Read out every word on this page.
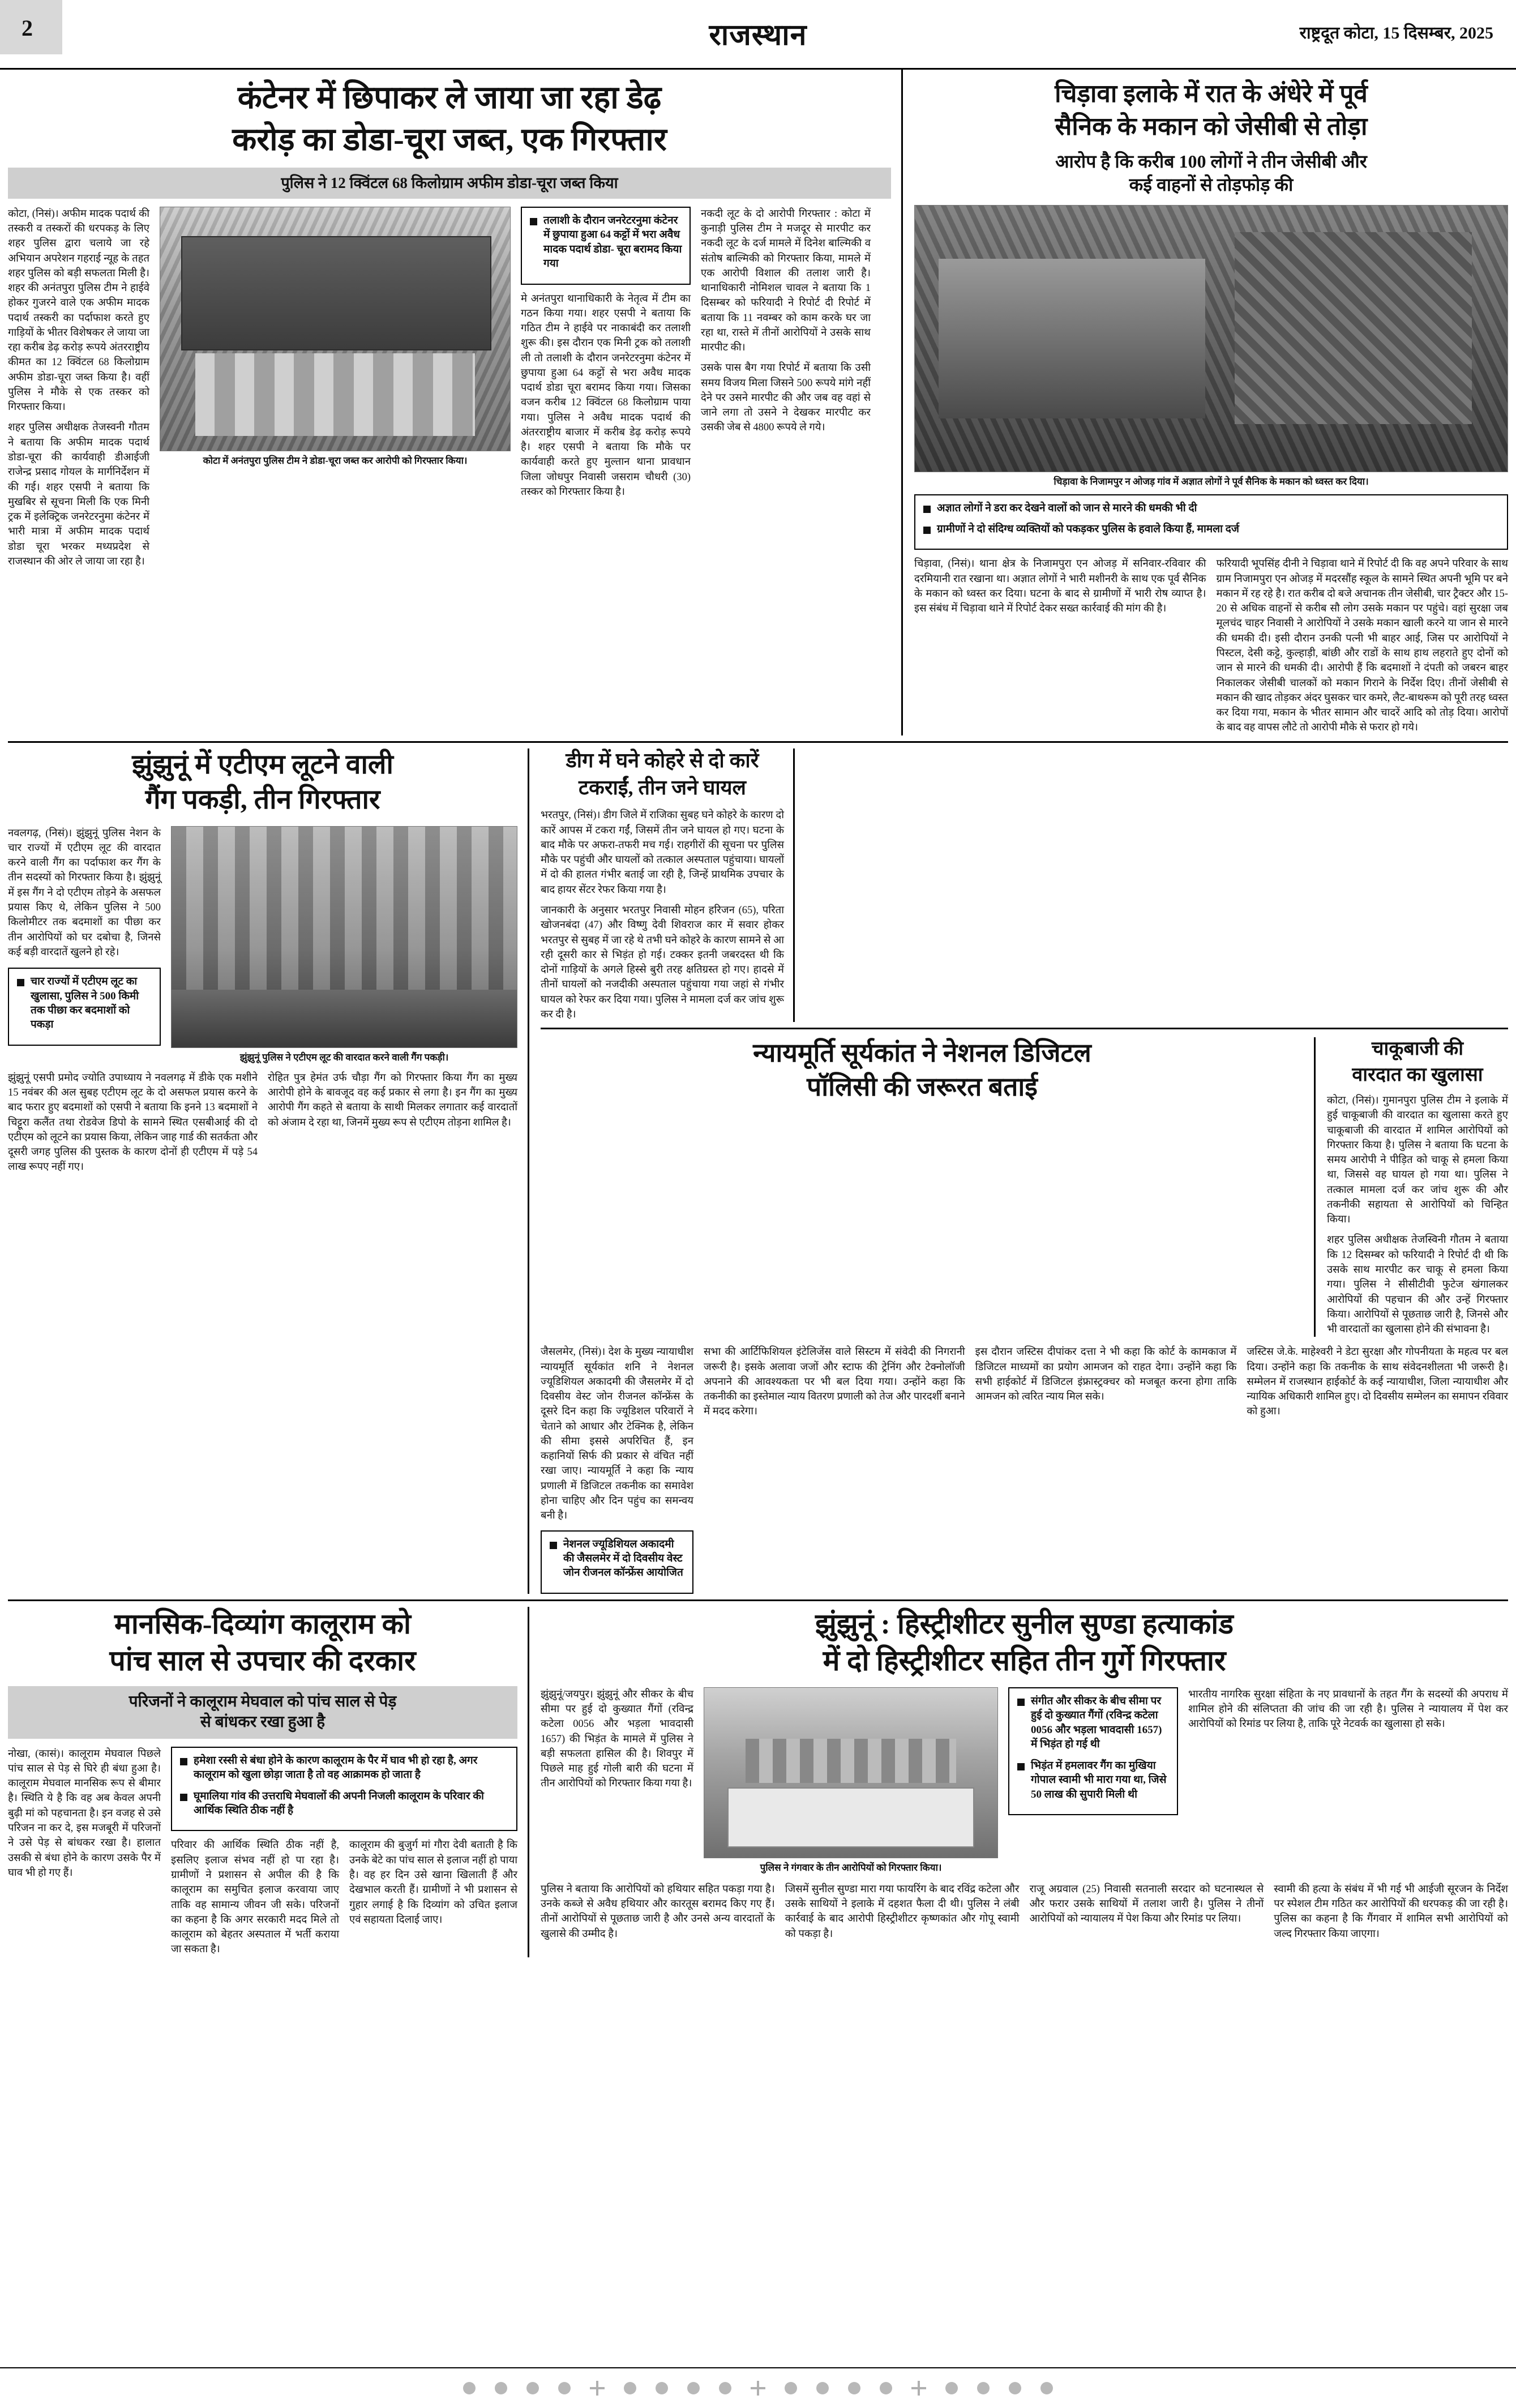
2	राजस्थान	राष्ट्रदूत कोटा, 15 दिसम्बर, 2025
कंटेनर में छिपाकर ले जाया जा रहा डेढ़
करोड़ का डोडा-चूरा जब्त, एक गिरफ्तार
पुलिस ने 12 क्विंटल 68 किलोग्राम अफीम डोडा-चूरा जब्त किया
कोटा, (निसं)। अफीम मादक पदार्थ की तस्करी व तस्करों की धरपकड़ के लिए शहर पुलिस द्वारा चलाये जा रहे अभियान अपरेशन गहराई न्यूह के तहत शहर पुलिस को बड़ी सफलता मिली है। शहर की अनंतपुरा पुलिस टीम ने हाईवे होकर गुजरने वाले एक अफीम मादक पदार्थ तस्करी का पर्दाफाश करते हुए गाड़ियों के भीतर विशेषकर ले जाया जा रहा करीब डेढ़ करोड़ रूपये अंतरराष्ट्रीय कीमत का 12 क्विंटल 68 किलोग्राम अफीम डोडा-चूरा जब्त किया है। वहीं पुलिस ने मौके से एक तस्कर को गिरफ्तार किया।
शहर पुलिस अधीक्षक तेजस्वनी गौतम ने बताया कि अफीम मादक पदार्थ डोडा-चूरा की कार्यवाही डीआईजी राजेन्द्र प्रसाद गोयल के मार्गनिर्देशन में की गई। शहर एसपी ने बताया कि मुखबिर से सूचना मिली कि एक मिनी ट्रक में इलेक्ट्रिक जनरेटरनुमा कंटेनर में भारी मात्रा में अफीम मादक पदार्थ डोडा चूरा भरकर मध्यप्रदेश से राजस्थान की ओर ले जाया जा रहा है।
कोटा में अनंतपुरा पुलिस टीम ने डोडा-चूरा जब्त कर आरोपी को गिरफ्तार किया।
तलाशी के दौरान जनरेटरनुमा कंटेनर में छुपाया हुआ 64 कट्टों में भरा अवैध मादक पदार्थ डोडा- चूरा बरामद किया गया
मे अनंतपुरा थानाधिकारी के नेतृत्व में टीम का गठन किया गया। शहर एसपी ने बताया कि गठित टीम ने हाईवे पर नाकाबंदी कर तलाशी शुरू की। इस दौरान एक मिनी ट्रक को तलाशी ली तो तलाशी के दौरान जनरेटरनुमा कंटेनर में छुपाया हुआ 64 कट्टों से भरा अवैध मादक पदार्थ डोडा चूरा बरामद किया गया। जिसका वजन करीब 12 क्विंटल 68 किलोग्राम पाया गया। पुलिस ने अवैध मादक पदार्थ की अंतरराष्ट्रीय बाजार में करीब डेढ़ करोड़ रूपये है। शहर एसपी ने बताया कि मौके पर कार्यवाही करते हुए मुल्तान थाना प्रावधान जिला जोधपुर निवासी जसराम चौधरी (30) तस्कर को गिरफ्तार किया है।
नकदी लूट के दो आरोपी गिरफ्तार : कोटा में कुनाड़ी पुलिस टीम ने मजदूर से मारपीट कर नकदी लूट के दर्ज मामले में दिनेश बाल्मिकी व संतोष बाल्मिकी को गिरफ्तार किया, मामले में एक आरोपी विशाल की तलाश जारी है। थानाधिकारी नोमिशल चावल ने बताया कि 1 दिसम्बर को फरियादी ने रिपोर्ट दी रिपोर्ट में बताया कि 11 नवम्बर को काम करके घर जा रहा था, रास्ते में तीनों आरोपियों ने उसके साथ मारपीट की।
उसके पास बैग गया रिपोर्ट में बताया कि उसी समय विजय मिला जिसने 500 रूपये मांगे नहीं देने पर उसने मारपीट की और जब वह वहां से जाने लगा तो उसने ने देखकर मारपीट कर उसकी जेब से 4800 रूपये ले गये।
चिड़ावा इलाके में रात के अंधेरे में पूर्व
सैनिक के मकान को जेसीबी से तोड़ा
आरोप है कि करीब 100 लोगों ने तीन जेसीबी और
कई वाहनों से तोड़फोड़ की
चिड़ावा के निजामपुर न ओजड़ गांव में अज्ञात लोगों ने पूर्व सैनिक के मकान को ध्वस्त कर दिया।
अज्ञात लोगों ने डरा कर देखने वालों को जान से मारने की धमकी भी दी
ग्रामीणों ने दो संदिग्ध व्यक्तियों को पकड़कर पुलिस के हवाले किया हैं, मामला दर्ज
चिड़ावा, (निसं)। थाना क्षेत्र के निजामपुरा एन ओजड़ में सनिवार-रविवार की दरमियानी रात रखाना था। अज्ञात लोगों ने भारी मशीनरी के साथ एक पूर्व सैनिक के मकान को ध्वस्त कर दिया। घटना के बाद से ग्रामीणों में भारी रोष व्याप्त है। इस संबंध में चिड़ावा थाने में रिपोर्ट देकर सख्त कार्रवाई की मांग की है।
फरियादी भूपसिंह दीनी ने चिड़ावा थाने में रिपोर्ट दी कि वह अपने परिवार के साथ ग्राम निजामपुरा एन ओजड़ में मदरसौंह स्कूल के सामने स्थित अपनी भूमि पर बने मकान में रह रहे है। रात करीब दो बजे अचानक तीन जेसीबी, चार ट्रैक्टर और 15-20 से अधिक वाहनों से करीब सौ लोग उसके मकान पर पहुंचे। वहां सुरक्षा जब मूलचंद चाहर निवासी ने आरोपियों ने उसके मकान खाली करने या जान से मारने की धमकी दी। इसी दौरान उनकी पत्नी भी बाहर आई, जिस पर आरोपियों ने पिस्टल, देसी कट्टे, कुल्हाड़ी, बांछी और राडों के साथ हाथ लहराते हुए दोनों को जान से मारने की धमकी दी। आरोपी हैं कि बदमाशों ने दंपती को जबरन बाहर निकालकर जेसीबी चालकों को मकान गिराने के निर्देश दिए। तीनों जेसीबी से मकान की खाद तोड़कर अंदर घुसकर चार कमरे, लैट-बाथरूम को पूरी तरह ध्वस्त कर दिया गया, मकान के भीतर सामान और चादरें आदि को तोड़ दिया। आरोपों के बाद वह वापस लौटे तो आरोपी मौके से फरार हो गये।
झुंझुनूं में एटीएम लूटने वाली
गैंग पकड़ी, तीन गिरफ्तार
नवलगढ़, (निसं)। झुंझुनूं पुलिस नेशन के चार राज्यों में एटीएम लूट की वारदात करने वाली गैंग का पर्दाफाश कर गैंग के तीन सदस्यों को गिरफ्तार किया है। झुंझुनूं में इस गैंग ने दो एटीएम तोड़ने के असफल प्रयास किए थे, लेकिन पुलिस ने 500 किलोमीटर तक बदमाशों का पीछा कर तीन आरोपियों को घर दबोचा है, जिनसे कई बड़ी वारदातें खुलने हो रहे।
चार राज्यों में एटीएम लूट का खुलासा, पुलिस ने 500 किमी तक पीछा कर बदमाशों को पकड़ा
झुंझुनूं पुलिस ने एटीएम लूट की वारदात करने वाली गैंग पकड़ी।
झुंझुनूं एसपी प्रमोद ज्योति उपाध्याय ने नवलगढ़ में डीके एक मशीने 15 नवंबर की अल सुबह एटीएम लूट के दो असफल प्रयास करने के बाद फरार हुए बदमाशों को एसपी ने बताया कि इनने 13 बदमाशों ने चिट्टूरा कलैंत तथा रोडवेज डिपो के सामने स्थित एसबीआई की दो एटीएम को लूटने का प्रयास किया, लेकिन जाह गार्ड की सतर्कता और दूसरी जगह पुलिस की पुस्तक के कारण दोनों ही एटीएम में पड़े 54 लाख रूपए नहीं गए।
रोहित पुत्र हेमंत उर्फ चौड़ा गैंग को गिरफ्तार किया गैंग का मुख्य आरोपी होने के बावजूद वह कई प्रकार से लगा है। इन गैंग का मुख्य आरोपी गैंग कहते से बताया के साथी मिलकर लगातार कई वारदातों को अंजाम दे रहा था, जिनमें मुख्य रूप से एटीएम तोड़ना शामिल है।
डीग में घने कोहरे से दो कारें
टकराईं, तीन जने घायल
भरतपुर, (निसं)। डीग जिले में राजिका सुबह घने कोहरे के कारण दो कारें आपस में टकरा गईं, जिसमें तीन जने घायल हो गए। घटना के बाद मौके पर अफरा-तफरी मच गई। राहगीरों की सूचना पर पुलिस मौके पर पहुंची और घायलों को तत्काल अस्पताल पहुंचाया। घायलों में दो की हालत गंभीर बताई जा रही है, जिन्हें प्राथमिक उपचार के बाद हायर सेंटर रेफर किया गया है।
जानकारी के अनुसार भरतपुर निवासी मोहन हरिजन (65), परिता खोजनबंदा (47) और विष्णु देवी शिवराज कार में सवार होकर भरतपुर से सुबह में जा रहे थे तभी घने कोहरे के कारण सामने से आ रही दूसरी कार से भिड़ंत हो गई। टक्कर इतनी जबरदस्त थी कि दोनों गाड़ियों के अगले हिस्से बुरी तरह क्षतिग्रस्त हो गए। हादसे में तीनों घायलों को नजदीकी अस्पताल पहुंचाया गया जहां से गंभीर घायल को रेफर कर दिया गया। पुलिस ने मामला दर्ज कर जांच शुरू कर दी है।
न्यायमूर्ति सूर्यकांत ने नेशनल डिजिटल
पॉलिसी की जरूरत बताई
चाकूबाजी की
वारदात का खुलासा
कोटा, (निसं)। गुमानपुरा पुलिस टीम ने इलाके में हुई चाकूबाजी की वारदात का खुलासा करते हुए चाकूबाजी की वारदात में शामिल आरोपियों को गिरफ्तार किया है। पुलिस ने बताया कि घटना के समय आरोपी ने पीड़ित को चाकू से हमला किया था, जिससे वह घायल हो गया था। पुलिस ने तत्काल मामला दर्ज कर जांच शुरू की और तकनीकी सहायता से आरोपियों को चिन्हित किया।
शहर पुलिस अधीक्षक तेजस्विनी गौतम ने बताया कि 12 दिसम्बर को फरियादी ने रिपोर्ट दी थी कि उसके साथ मारपीट कर चाकू से हमला किया गया। पुलिस ने सीसीटीवी फुटेज खंगालकर आरोपियों की पहचान की और उन्हें गिरफ्तार किया। आरोपियों से पूछताछ जारी है, जिनसे और भी वारदातों का खुलासा होने की संभावना है।
जैसलमेर, (निसं)। देश के मुख्य न्यायाधीश न्यायमूर्ति सूर्यकांत शनि ने नेशनल ज्यूडिशियल अकादमी की जैसलमेर में दो दिवसीय वेस्ट जोन रीजनल कॉन्फ्रेंस के दूसरे दिन कहा कि ज्यूडिशल परिवारों ने चेताने को आधार और टेक्निक है, लेकिन की सीमा इससे अपरिचित हैं, इन कहानियों सिर्फ की प्रकार से वंचित नहीं रखा जाए। न्यायमूर्ति ने कहा कि न्याय प्रणाली में डिजिटल तकनीक का समावेश होना चाहिए और दिन पहुंच का समन्वय बनी है।
नेशनल ज्यूडिशियल अकादमी की जैसलमेर में दो दिवसीय वेस्ट जोन रीजनल कॉन्फ्रेंस आयोजित
सभा की आर्टिफिशियल इंटेलिजेंस वाले सिस्टम में संवेदी की निगरानी जरूरी है। इसके अलावा जजों और स्टाफ की ट्रेनिंग और टेक्नोलॉजी अपनाने की आवश्यकता पर भी बल दिया गया। उन्होंने कहा कि तकनीकी का इस्तेमाल न्याय वितरण प्रणाली को तेज और पारदर्शी बनाने में मदद करेगा।
इस दौरान जस्टिस दीपांकर दत्ता ने भी कहा कि कोर्ट के कामकाज में डिजिटल माध्यमों का प्रयोग आमजन को राहत देगा। उन्होंने कहा कि सभी हाईकोर्ट में डिजिटल इंफ्रास्ट्रक्चर को मजबूत करना होगा ताकि आमजन को त्वरित न्याय मिल सके।
जस्टिस जे.के. माहेश्वरी ने डेटा सुरक्षा और गोपनीयता के महत्व पर बल दिया। उन्होंने कहा कि तकनीक के साथ संवेदनशीलता भी जरूरी है। सम्मेलन में राजस्थान हाईकोर्ट के कई न्यायाधीश, जिला न्यायाधीश और न्यायिक अधिकारी शामिल हुए। दो दिवसीय सम्मेलन का समापन रविवार को हुआ।
मानसिक-दिव्यांग कालूराम को
पांच साल से उपचार की दरकार
परिजनों ने कालूराम मेघवाल को पांच साल से पेड़
से बांधकर रखा हुआ है
नोखा, (कासं)। कालूराम मेघवाल पिछले पांच साल से पेड़ से घिरे ही बंधा हुआ है। कालूराम मेघवाल मानसिक रूप से बीमार है। स्थिति ये है कि वह अब केवल अपनी बुढ़ी मां को पहचानता है। इन वजह से उसे परिजन ना कर दे, इस मजबूरी में परिजनों ने उसे पेड़ से बांधकर रखा है। हालात उसकी से बंधा होने के कारण उसके पैर में घाव भी हो गए हैं।
हमेशा रस्सी से बंधा होने के कारण कालूराम के पैर में घाव भी हो रहा है, अगर कालूराम को खुला छोड़ा जाता है तो वह आक्रामक हो जाता है
घूमालिया गांव की उत्तराधि मेघवालों की अपनी निजली कालूराम के परिवार की आर्थिक स्थिति ठीक नहीं है
परिवार की आर्थिक स्थिति ठीक नहीं है, इसलिए इलाज संभव नहीं हो पा रहा है। ग्रामीणों ने प्रशासन से अपील की है कि कालूराम का समुचित इलाज करवाया जाए ताकि वह सामान्य जीवन जी सके। परिजनों का कहना है कि अगर सरकारी मदद मिले तो कालूराम को बेहतर अस्पताल में भर्ती कराया जा सकता है।
कालूराम की बुजुर्ग मां गौरा देवी बताती है कि उनके बेटे का पांच साल से इलाज नहीं हो पाया है। वह हर दिन उसे खाना खिलाती हैं और देखभाल करती हैं। ग्रामीणों ने भी प्रशासन से गुहार लगाई है कि दिव्यांग को उचित इलाज एवं सहायता दिलाई जाए।
झुंझुनूं : हिस्ट्रीशीटर सुनील सुण्डा हत्याकांड
में दो हिस्ट्रीशीटर सहित तीन गुर्गे गिरफ्तार
झुंझुनूं/जयपुर। झुंझुनूं और सीकर के बीच सीमा पर हुई दो कुख्यात गैंगों (रविन्द्र कटेला 0056 और भड़ला भावदासी 1657) की भिड़ंत के मामले में पुलिस ने बड़ी सफलता हासिल की है। शिवपुर में पिछले माह हुई गोली बारी की घटना में तीन आरोपियों को गिरफ्तार किया गया है।
पुलिस ने गंगवार के तीन आरोपियों को गिरफ्तार किया।
संगीत और सीकर के बीच सीमा पर हुई दो कुख्यात गैंगों (रविन्द्र कटेला 0056 और भड़ला भावदासी 1657) में भिड़ंत हो गई थी
भिड़ंत में हमलावर गैंग का मुखिया गोपाल स्वामी भी मारा गया था, जिसे 50 लाख की सुपारी मिली थी
भारतीय नागरिक सुरक्षा संहिता के नए प्रावधानों के तहत गैंग के सदस्यों की अपराध में शामिल होने की संलिप्तता की जांच की जा रही है। पुलिस ने न्यायालय में पेश कर आरोपियों को रिमांड पर लिया है, ताकि पूरे नेटवर्क का खुलासा हो सके।
पुलिस ने बताया कि आरोपियों को हथियार सहित पकड़ा गया है। उनके कब्जे से अवैध हथियार और कारतूस बरामद किए गए हैं। तीनों आरोपियों से पूछताछ जारी है और उनसे अन्य वारदातों के खुलासे की उम्मीद है।
जिसमें सुनील सुण्डा मारा गया फायरिंग के बाद रविंद्र कटेला और उसके साथियों ने इलाके में दहशत फैला दी थी। पुलिस ने लंबी कार्रवाई के बाद आरोपी हिस्ट्रीशीटर कृष्णकांत और गोपू स्वामी को पकड़ा है।
राजू अग्रवाल (25) निवासी सतनाली सरदार को घटनास्थल से और फरार उसके साथियों में तलाश जारी है। पुलिस ने तीनों आरोपियों को न्यायालय में पेश किया और रिमांड पर लिया।
स्वामी की हत्या के संबंध में भी गई भी आईजी सूरजन के निर्देश पर स्पेशल टीम गठित कर आरोपियों की धरपकड़ की जा रही है। पुलिस का कहना है कि गैंगवार में शामिल सभी आरोपियों को जल्द गिरफ्तार किया जाएगा।
